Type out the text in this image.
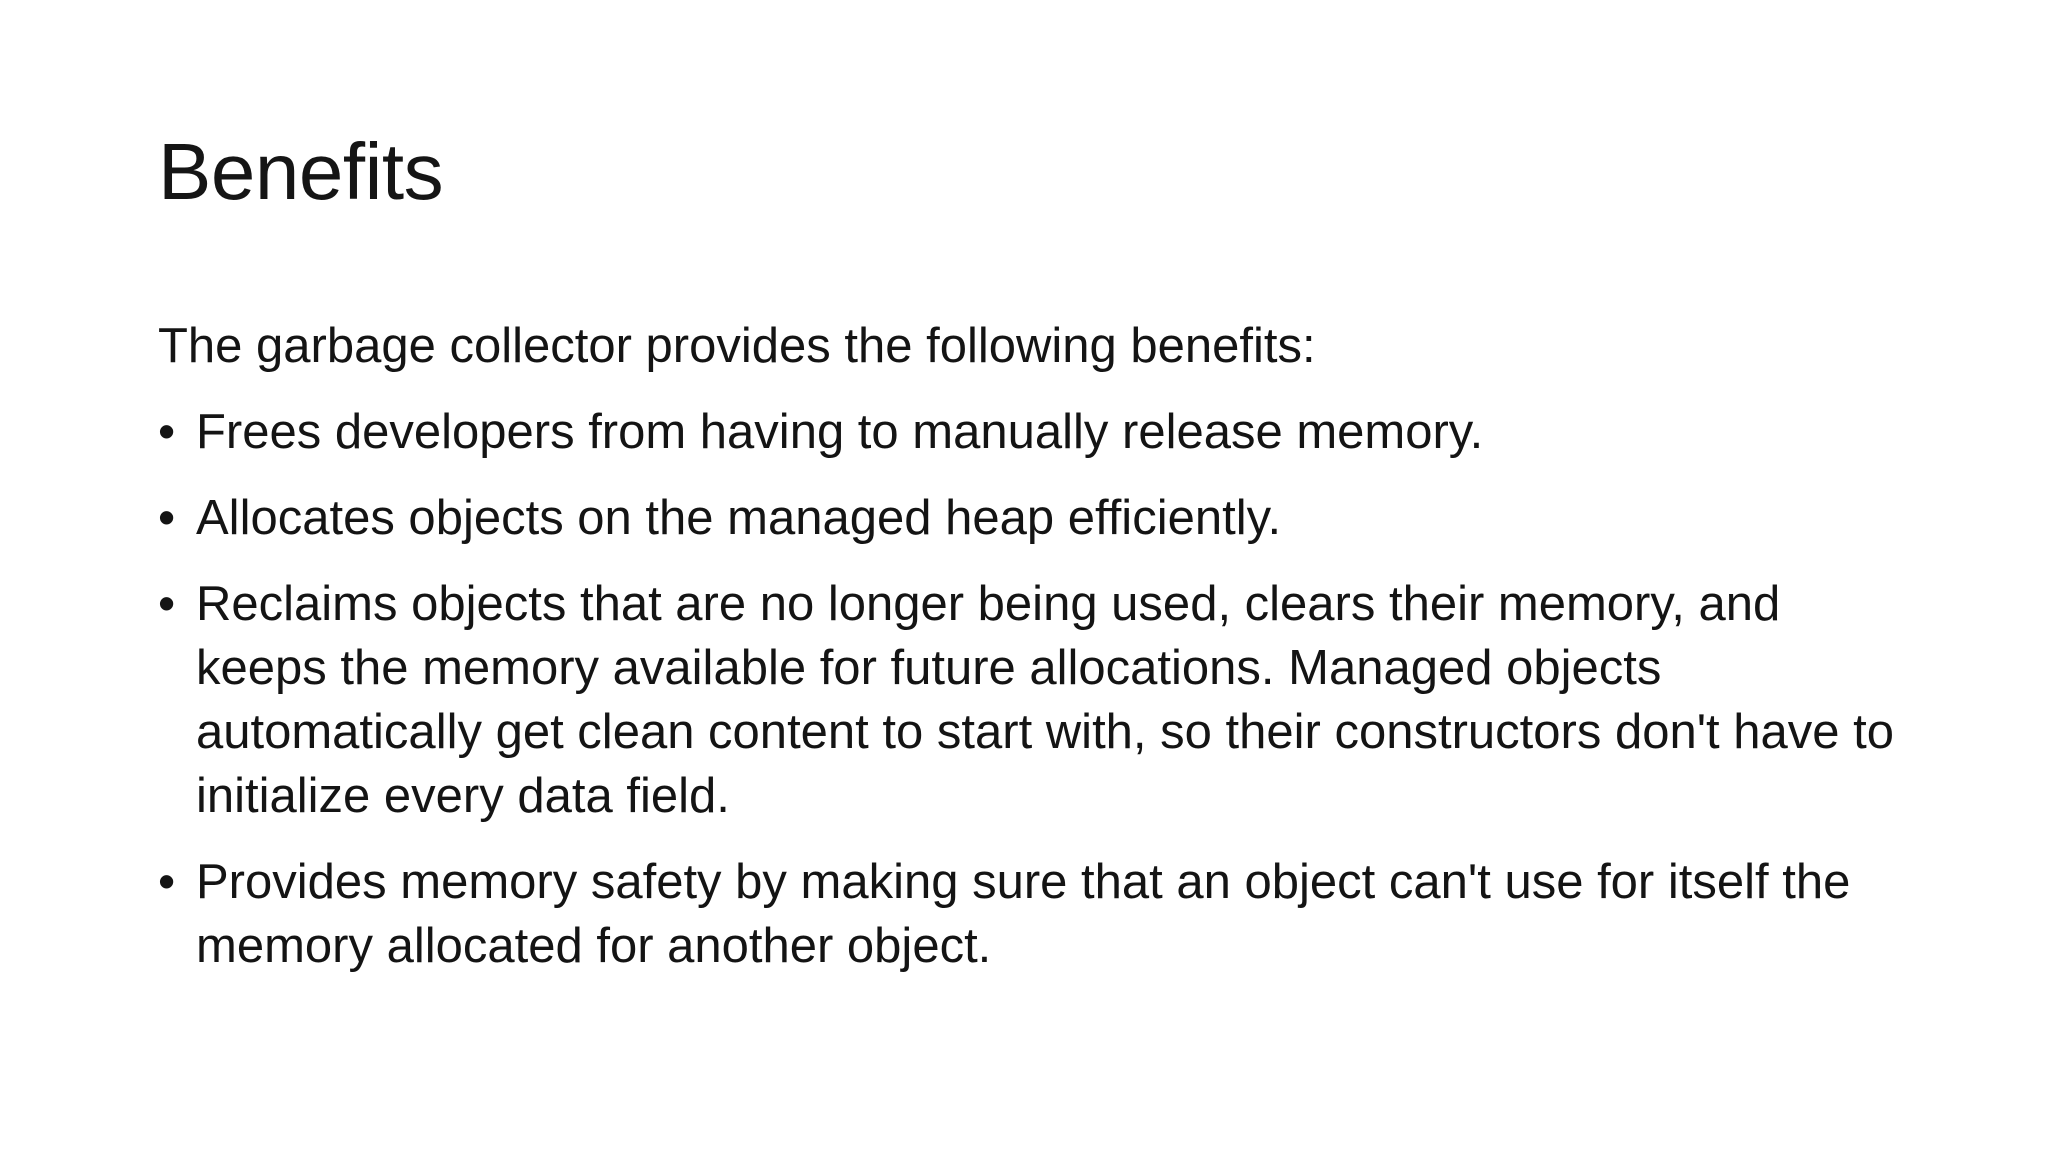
Benefits

The garbage collector provides the following benefits:

• Frees developers from having to manually release memory.
• Allocates objects on the managed heap efficiently.
• Reclaims objects that are no longer being used, clears their memory, and keeps the memory available for future allocations. Managed objects automatically get clean content to start with, so their constructors don't have to initialize every data field.
• Provides memory safety by making sure that an object can't use for itself the memory allocated for another object.
